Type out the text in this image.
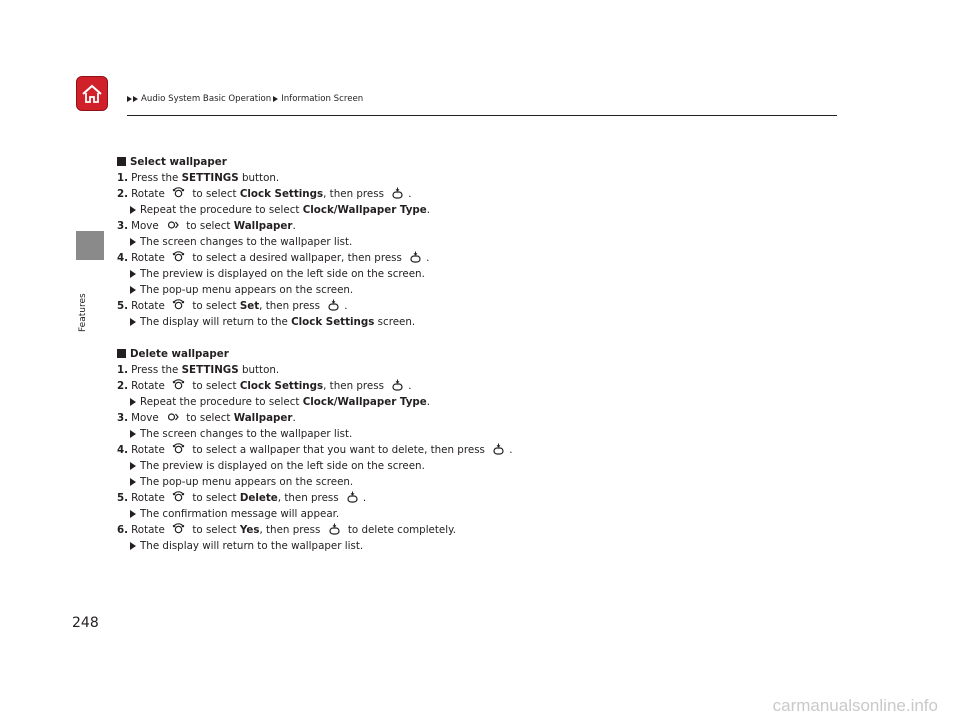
Audio System Basic Operation Information Screen
Features
Select wallpaper
1. Press the SETTINGS button.
2. Rotate
to select Clock Settings, then press
.
Repeat the procedure to select Clock/Wallpaper Type.
3. Move
to select Wallpaper.
The screen changes to the wallpaper list.
4. Rotate
to select a desired wallpaper, then press
.
The preview is displayed on the left side on the screen.
The pop-up menu appears on the screen.
5. Rotate
to select Set, then press
.
The display will return to the Clock Settings screen.
Delete wallpaper
1. Press the SETTINGS button.
2. Rotate
to select Clock Settings, then press
.
Repeat the procedure to select Clock/Wallpaper Type.
3. Move
to select Wallpaper.
The screen changes to the wallpaper list.
4. Rotate
to select a wallpaper that you want to delete, then press
.
The preview is displayed on the left side on the screen.
The pop-up menu appears on the screen.
5. Rotate
to select Delete, then press
.
The confirmation message will appear.
6. Rotate
to select Yes, then press
to delete completely.
The display will return to the wallpaper list.
248
carmanualsonline.info
